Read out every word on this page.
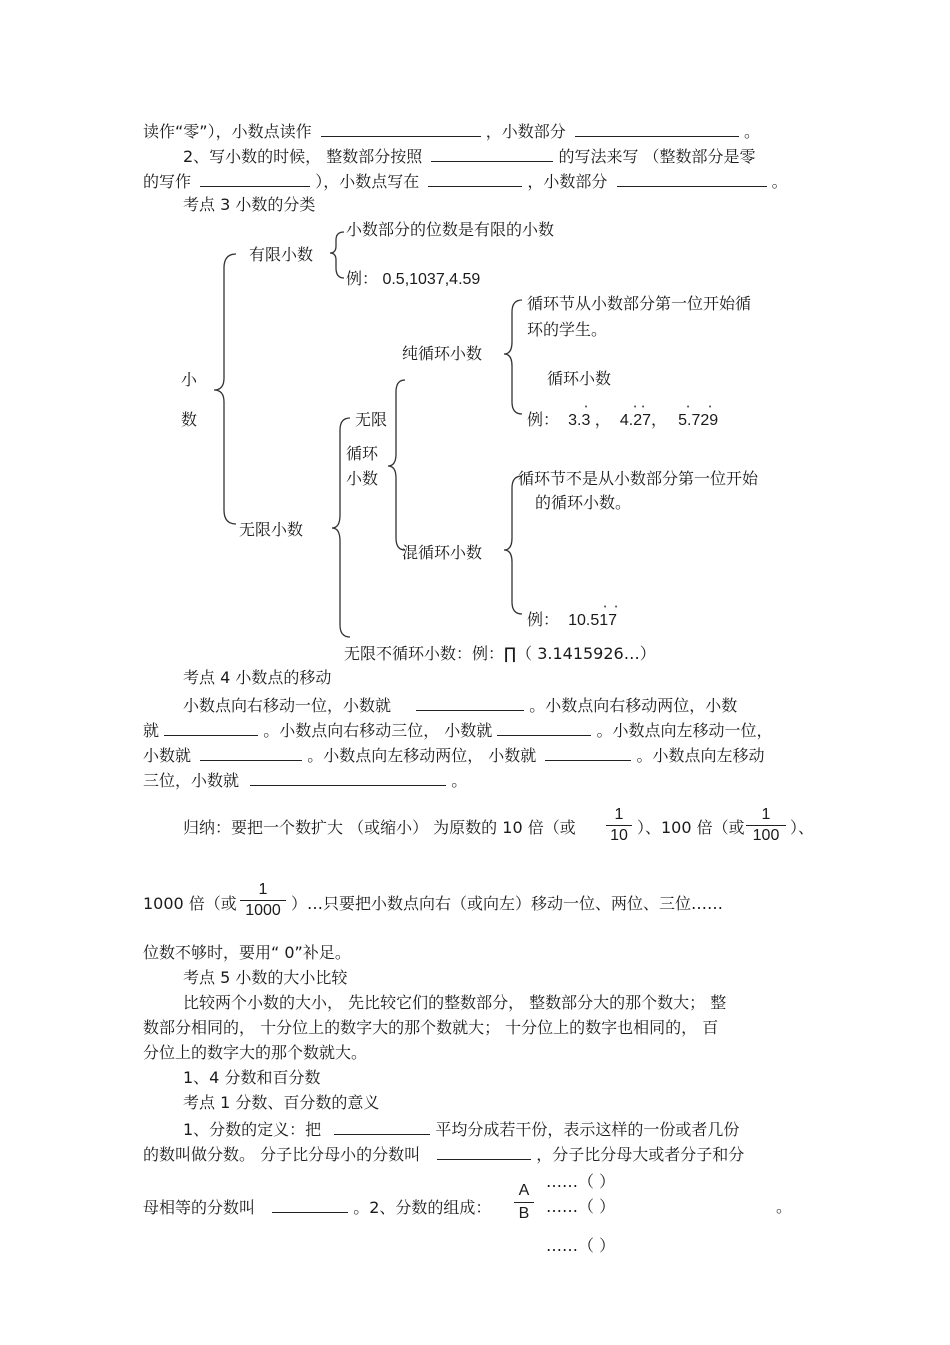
读作“零”），小数点读作	，小数部分	。
2、写小数的时候， 整数部分按照	的写法来写 （整数部分是零
的写作	），小数点写在	，小数部分	。
考点 3 小数的分类
小
数
有限小数
小数部分的位数是有限的小数
例： 0.5,1037,4.59
无限小数
无限
循环
小数
纯循环小数
循环节从小数部分第一位开始循
环的学生。
循环小数
例： 3.3 ， 4.27， 5.729
•	• •	•	•
混循环小数
循环节不是从小数部分第一位开始
的循环小数。
例： 10.517
• •
无限不循环小数：例：∏（ 3.1415926…）
考点 4 小数点的移动
小数点向右移动一位，小数就	。小数点向右移动两位，小数
就	。小数点向右移动三位， 小数就	。小数点向左移动一位，
小数就	。小数点向左移动两位， 小数就	。小数点向左移动
三位，小数就	。
归纳：要把一个数扩大 （或缩小） 为原数的 10 倍（或
1
10 ）、100 倍（或
1
100 ）、
1000 倍（或
1
1000 ）…只要把小数点向右（或向左）移动一位、两位、三位……
位数不够时，要用“ 0”补足。
考点 5 小数的大小比较
比较两个小数的大小， 先比较它们的整数部分， 整数部分大的那个数大； 整
数部分相同的， 十分位上的数字大的那个数就大； 十分位上的数字也相同的， 百
分位上的数字大的那个数就大。
1、4 分数和百分数
考点 1 分数、百分数的意义
1、分数的定义：把	平均分成若干份，表示这样的一份或者几份
的数叫做分数。 分子比分母小的分数叫	，分子比分母大或者分子和分
母相等的分数叫	。2、分数的组成：
A
B
……（ ）
……（ ）
……（ ）
。
